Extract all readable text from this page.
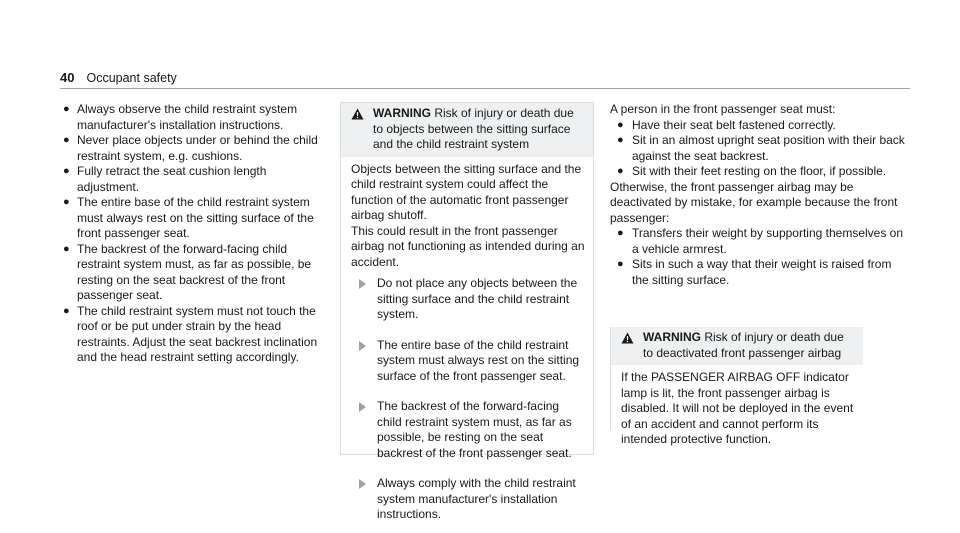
40 Occupant safety
● Always observe the child restraint system manufacturer's installation instructions.
● Never place objects under or behind the child restraint system, e.g. cushions.
● Fully retract the seat cushion length adjustment.
● The entire base of the child restraint system must always rest on the sitting surface of the front passenger seat.
● The backrest of the forward-facing child restraint system must, as far as possible, be resting on the seat backrest of the front passenger seat.
● The child restraint system must not touch the roof or be put under strain by the head restraints. Adjust the seat backrest inclination and the head restraint setting accordingly.
WARNING Risk of injury or death due to objects between the sitting surface and the child restraint system

Objects between the sitting surface and the child restraint system could affect the function of the automatic front passenger airbag shutoff.

This could result in the front passenger airbag not functioning as intended during an accident.

Do not place any objects between the sitting surface and the child restraint system.
The entire base of the child restraint system must always rest on the sitting surface of the front passenger seat.
The backrest of the forward-facing child restraint system must, as far as possible, be resting on the seat backrest of the front passenger seat.
Always comply with the child restraint system manufacturer's installation instructions.

A person in the front passenger seat must:

● Have their seat belt fastened correctly.
● Sit in an almost upright seat position with their back against the seat backrest.
● Sit with their feet resting on the floor, if possible.

Otherwise, the front passenger airbag may be deactivated by mistake, for example because the front passenger:

● Transfers their weight by supporting themselves on a vehicle armrest.
● Sits in such a way that their weight is raised from the sitting surface.
WARNING Risk of injury or death due to deactivated front passenger airbag

If the PASSENGER AIRBAG OFF indicator lamp is lit, the front passenger airbag is disabled. It will not be deployed in the event of an accident and cannot perform its intended protective function.
